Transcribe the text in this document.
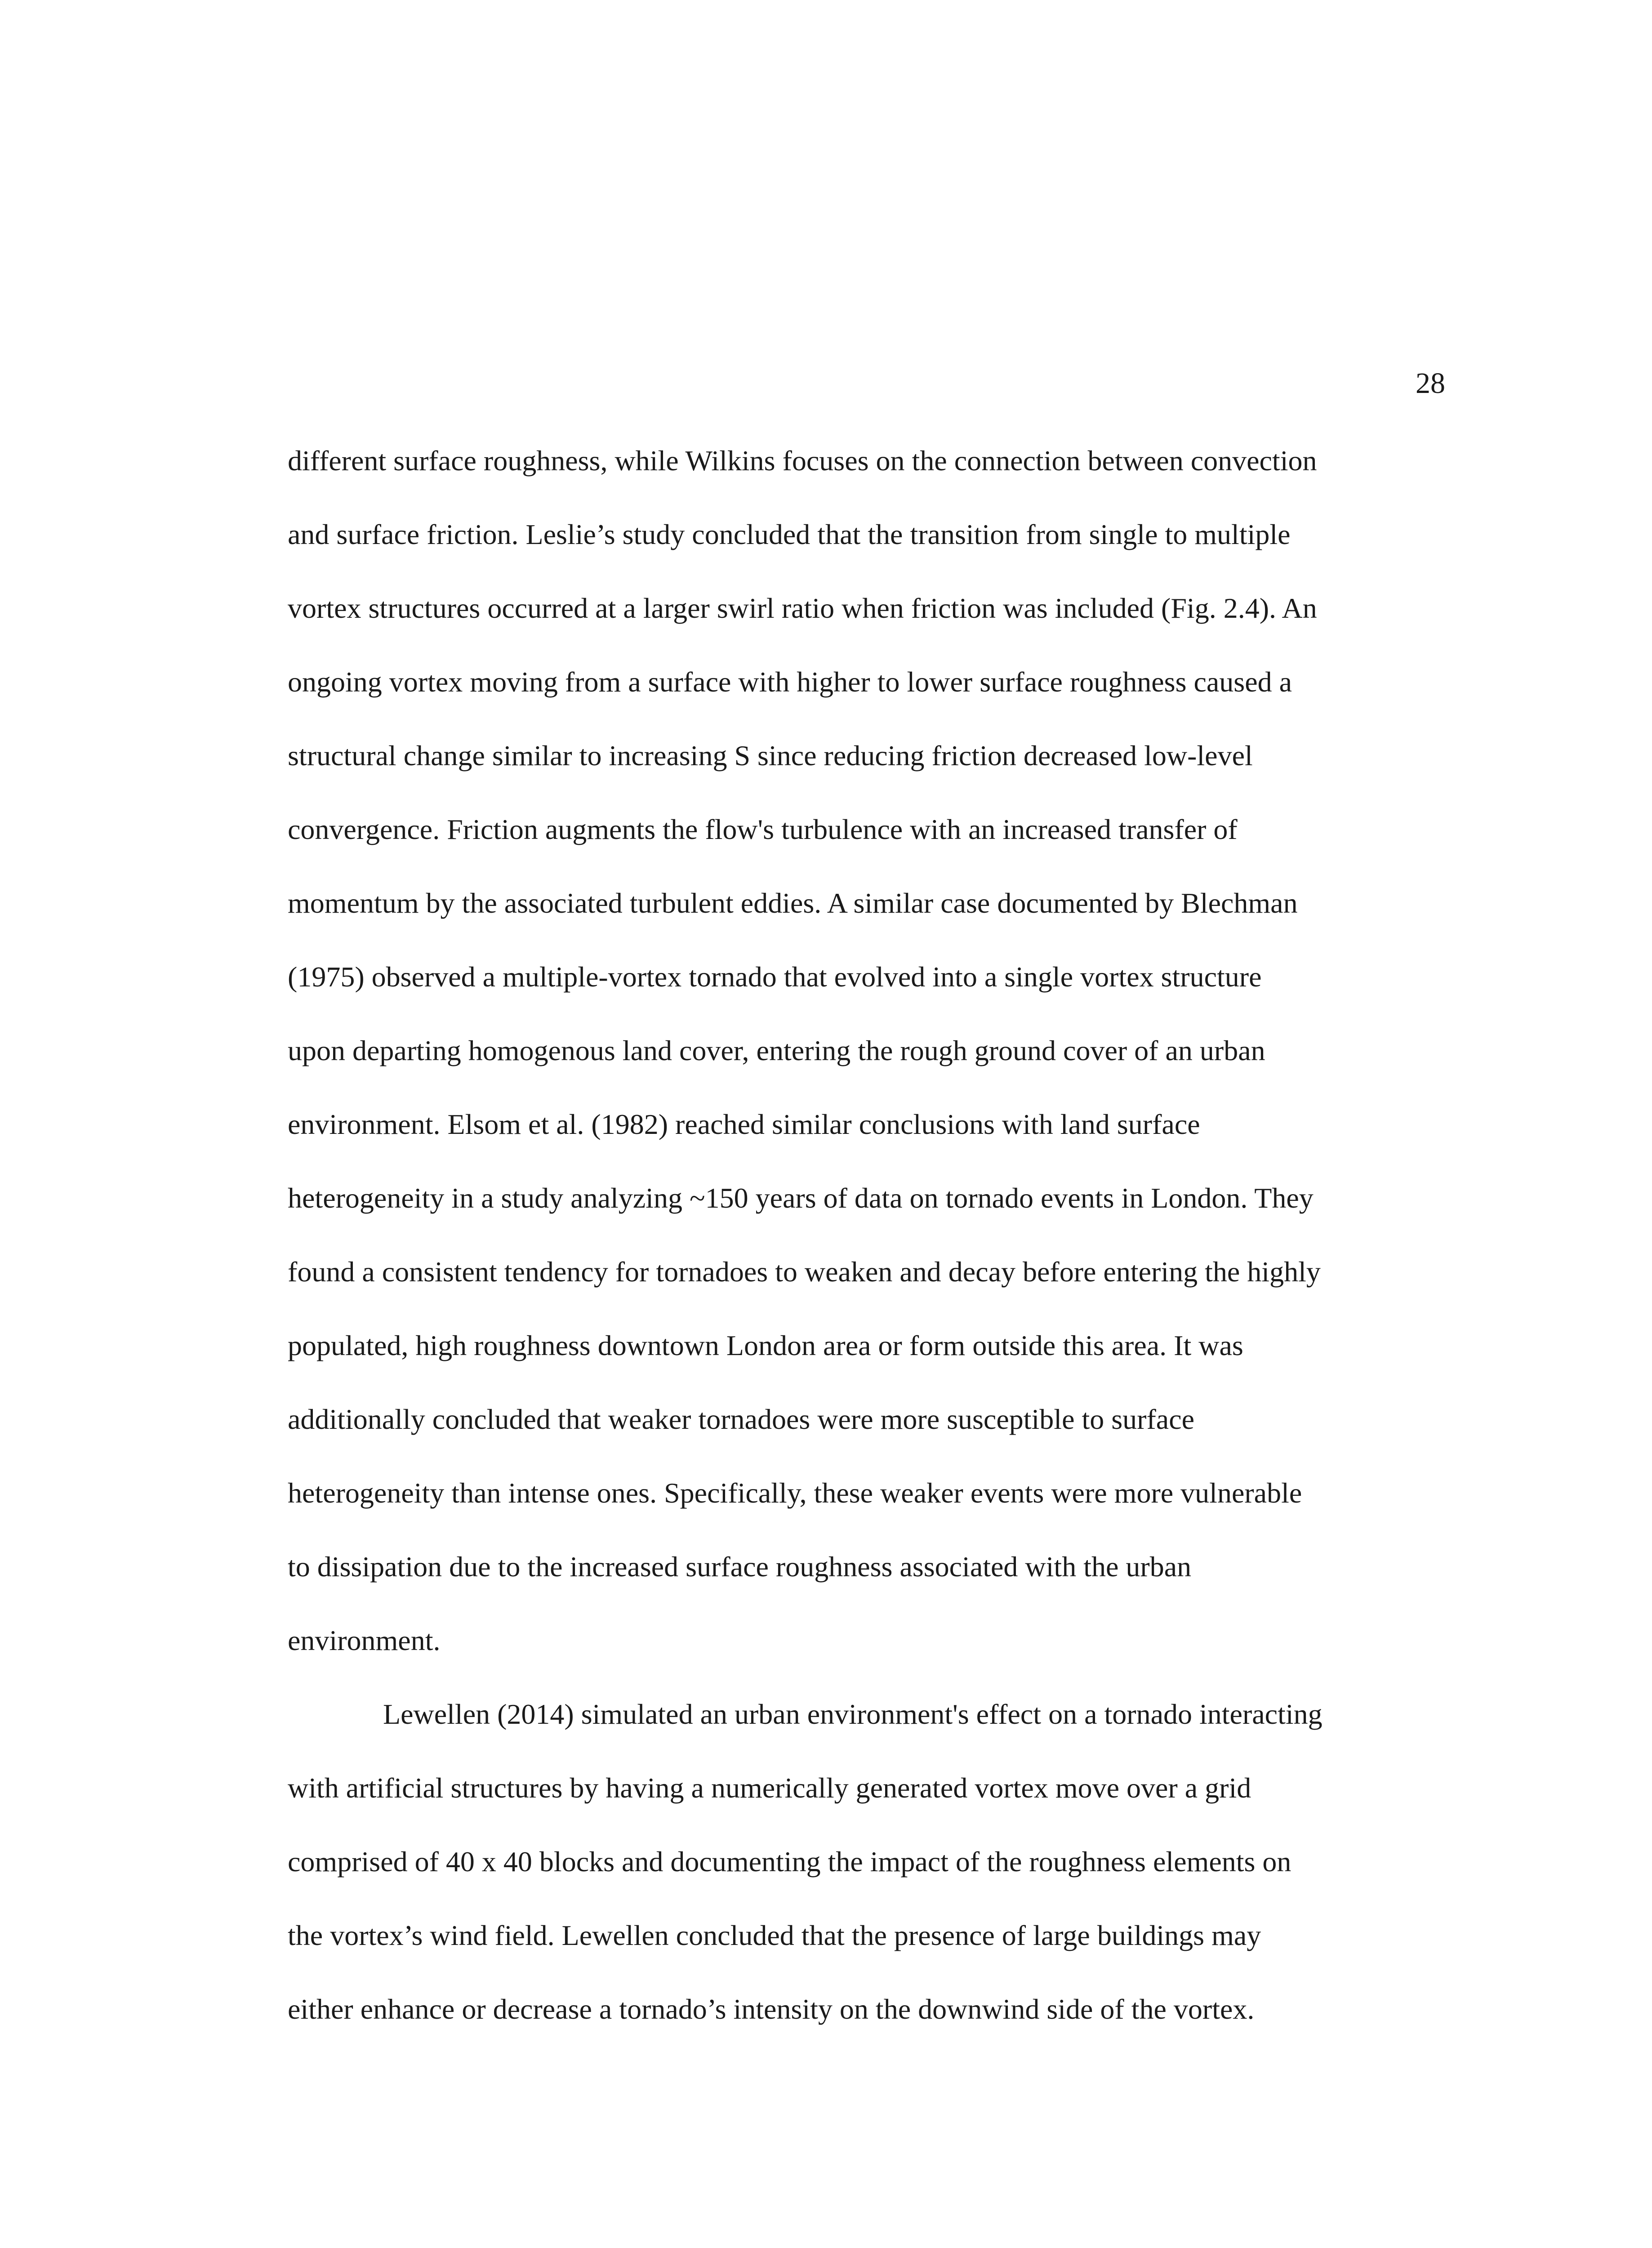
28
different surface roughness, while Wilkins focuses on the connection between convection
and surface friction. Leslie’s study concluded that the transition from single to multiple
vortex structures occurred at a larger swirl ratio when friction was included (Fig. 2.4). An
ongoing vortex moving from a surface with higher to lower surface roughness caused a
structural change similar to increasing S since reducing friction decreased low-level
convergence. Friction augments the flow's turbulence with an increased transfer of
momentum by the associated turbulent eddies. A similar case documented by Blechman
(1975) observed a multiple-vortex tornado that evolved into a single vortex structure
upon departing homogenous land cover, entering the rough ground cover of an urban
environment. Elsom et al. (1982) reached similar conclusions with land surface
heterogeneity in a study analyzing ~150 years of data on tornado events in London. They
found a consistent tendency for tornadoes to weaken and decay before entering the highly
populated, high roughness downtown London area or form outside this area. It was
additionally concluded that weaker tornadoes were more susceptible to surface
heterogeneity than intense ones. Specifically, these weaker events were more vulnerable
to dissipation due to the increased surface roughness associated with the urban
environment.
Lewellen (2014) simulated an urban environment's effect on a tornado interacting
with artificial structures by having a numerically generated vortex move over a grid
comprised of 40 x 40 blocks and documenting the impact of the roughness elements on
the vortex’s wind field. Lewellen concluded that the presence of large buildings may
either enhance or decrease a tornado’s intensity on the downwind side of the vortex.
